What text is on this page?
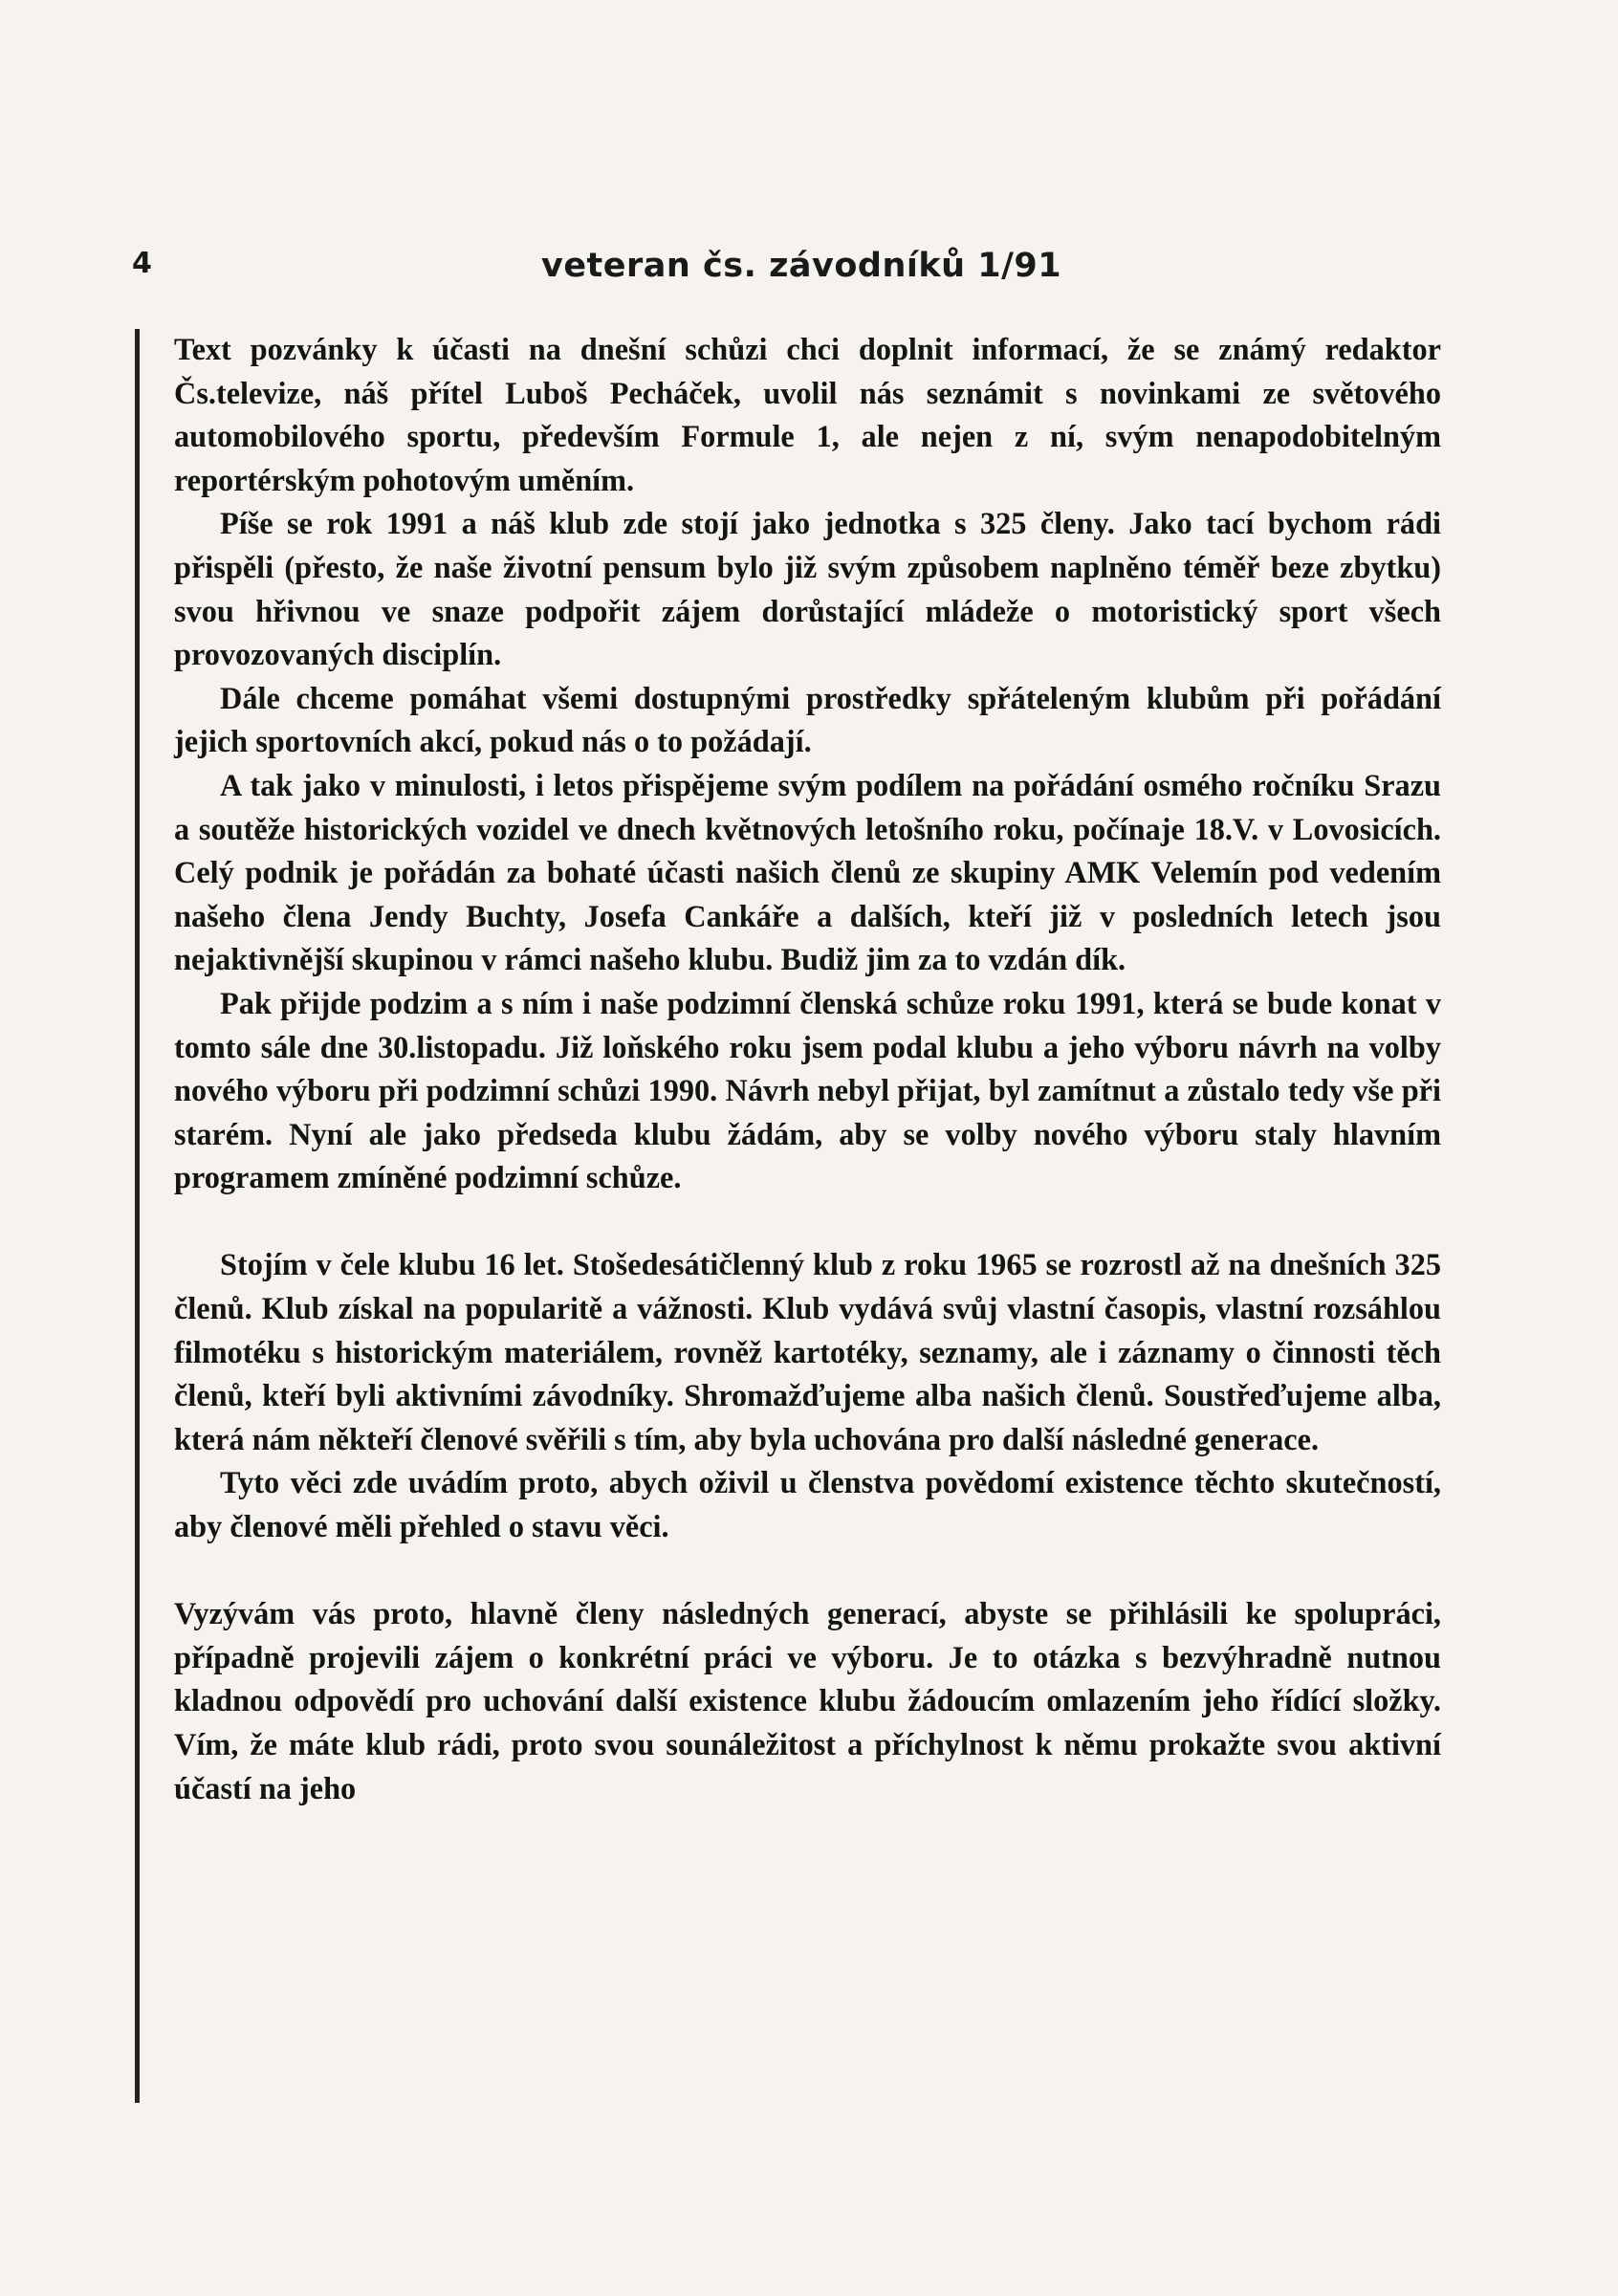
4	veteran čs. závodníků 1/91

Text pozvánky k účasti na dnešní schůzi chci doplnit informací, že se známý redaktor Čs.televize, náš přítel Luboš Pecháček, uvolil nás seznámit s novinkami ze světového automobilového sportu, především Formule 1, ale nejen z ní, svým nenapodobitelným reportérským pohotovým uměním.

Píše se rok 1991 a náš klub zde stojí jako jednotka s 325 členy. Jako tací bychom rádi přispěli (přesto, že naše životní pensum bylo již svým způsobem naplněno téměř beze zbytku) svou hřivnou ve snaze podpořit zájem dorůstající mládeže o motoristický sport všech provozovaných disciplín.

Dále chceme pomáhat všemi dostupnými prostředky spřáteleným klubům při pořádání jejich sportovních akcí, pokud nás o to požádají.

A tak jako v minulosti, i letos přispějeme svým podílem na pořádání osmého ročníku Srazu a soutěže historických vozidel ve dnech květnových letošního roku, počínaje 18.V. v Lovosicích. Celý podnik je pořádán za bohaté účasti našich členů ze skupiny AMK Velemín pod vedením našeho člena Jendy Buchty, Josefa Cankáře a dalších, kteří již v posledních letech jsou nejaktivnější skupinou v rámci našeho klubu. Budiž jim za to vzdán dík.

Pak přijde podzim a s ním i naše podzimní členská schůze roku 1991, která se bude konat v tomto sále dne 30.listopadu. Již loňského roku jsem podal klubu a jeho výboru návrh na volby nového výboru při podzimní schůzi 1990. Návrh nebyl přijat, byl zamítnut a zůstalo tedy vše při starém. Nyní ale jako předseda klubu žádám, aby se volby nového výboru staly hlavním programem zmíněné podzimní schůze.

Stojím v čele klubu 16 let. Stošedesátičlenný klub z roku 1965 se rozrostl až na dnešních 325 členů. Klub získal na popularitě a vážnosti. Klub vydává svůj vlastní časopis, vlastní rozsáhlou filmotéku s historickým materiálem, rovněž kartotéky, seznamy, ale i záznamy o činnosti těch členů, kteří byli aktivními závodníky. Shromažďujeme alba našich členů. Soustřeďujeme alba, která nám někteří členové svěřili s tím, aby byla uchována pro další následné generace.

Tyto věci zde uvádím proto, abych oživil u členstva povědomí existence těchto skutečností, aby členové měli přehled o stavu věci.

Vyzývám vás proto, hlavně členy následných generací, abyste se přihlásili ke spolupráci, případně projevili zájem o konkrétní práci ve výboru. Je to otázka s bezvýhradně nutnou kladnou odpovědí pro uchování další existence klubu žádoucím omlazením jeho řídící složky. Vím, že máte klub rádi, proto svou sounáležitost a příchylnost k němu prokažte svou aktivní účastí na jeho
